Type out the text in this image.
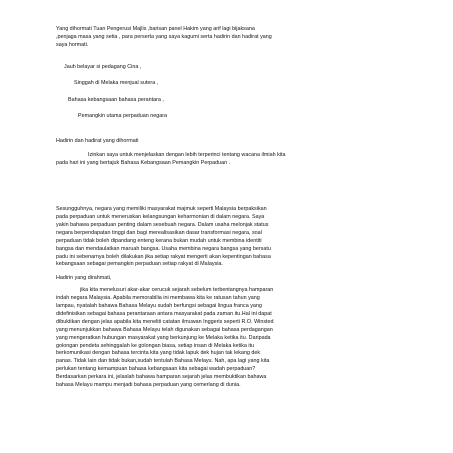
Yang dihormati Tuan Pengerusi Majlis ,barisan panel Hakim yang arif lagi bijaksana

,penjaga masa yang setia , para perserta yang saya kagumi serta hadirin dan hadirat yang

saya hormati.

Jauh belayar si pedagang Cina ,

Singgah di Melaka menjual sutera ,

Bahasa kebangsaan bahasa perantara ,

Pemangkin utama perpaduan negara

Hadirin dan hadirat yang dihormati

Izinkan saya untuk menjelaskan dengan lebih terperinci tentang wacana ilmiah kita

pada hari ini yang bertajuk Bahasa Kebangsaan Pemangkin Perpaduan .

Sesungguhnya, negara yang memiliki masyarakat majmuk seperti Malaysia berpaksikan

pada perpaduan untuk meneruskan kelangsungan keharmonian di dalam negara. Saya

yakin bahawa perpaduan penting dalam sesebuah negara. Dalam usaha melonjak status

negara berpendapatan tinggi dan bagi merealisasikan dasar transformasi negara, soal

perpaduan tidak boleh dipandang enteng kerana bukan mudah untuk membina identiti

bangsa dan mendaulatkan maruah bangsa. Usaha membina negara bangsa yang bersatu

padu ini sebenarnya boleh dilakukan jika setiap rakyat mengerti akan kepentingan bahasa

kebangsaan sebagai pemangkin perpaduan setiap rakyat di Malaysia.

Hadirin yang dirahmati,

jika kita menelusuri akar-akar cerucuk sejarah sebelum terbentangnya hamparan

indah negara Malaysia. Apabila memorabilia ini membawa kita ke ratusan tahun yang

lampau, nyatalah bahawa Bahasa Melayu sudah berfungsi sebagai lingua franca yang

didefinisikan sebagai bahasa perantaraan antara masyarakat pada zaman itu.Hal ini dapat

dibuktikan dengan jelas apabila kita meneliti catatan ilmuwan Inggeris seperti R.O. Winsted

yang menunjukkan bahawa Bahasa Melayu telah digunakan sebagai bahasa perdagangan

yang mengeratkan hubungan masyarakat yang berkunjung ke Melaka ketika itu. Daripada

golongan pendeta sehinggalah ke golongan biasa, setiap insan di Melaka ketika itu

berkomunikasi dengan bahasa tercinta kita yang tidak lapuk dek hujan tak lekang dek

panas. Tidak lain dan tidak bukan,sudah tentulah Bahasa Melayu. Nah, apa lagi yang kita

perlukan tentang kemampuan bahasa kebangsaan kita sebagai wadah perpaduan?

Berdasarkan perkara ini, jelaslah bahawa hamparan sejarah jelas membuktikan bahawa

bahasa Melayu mampu menjadi bahasa perpaduan yang cemerlang di dunia.
